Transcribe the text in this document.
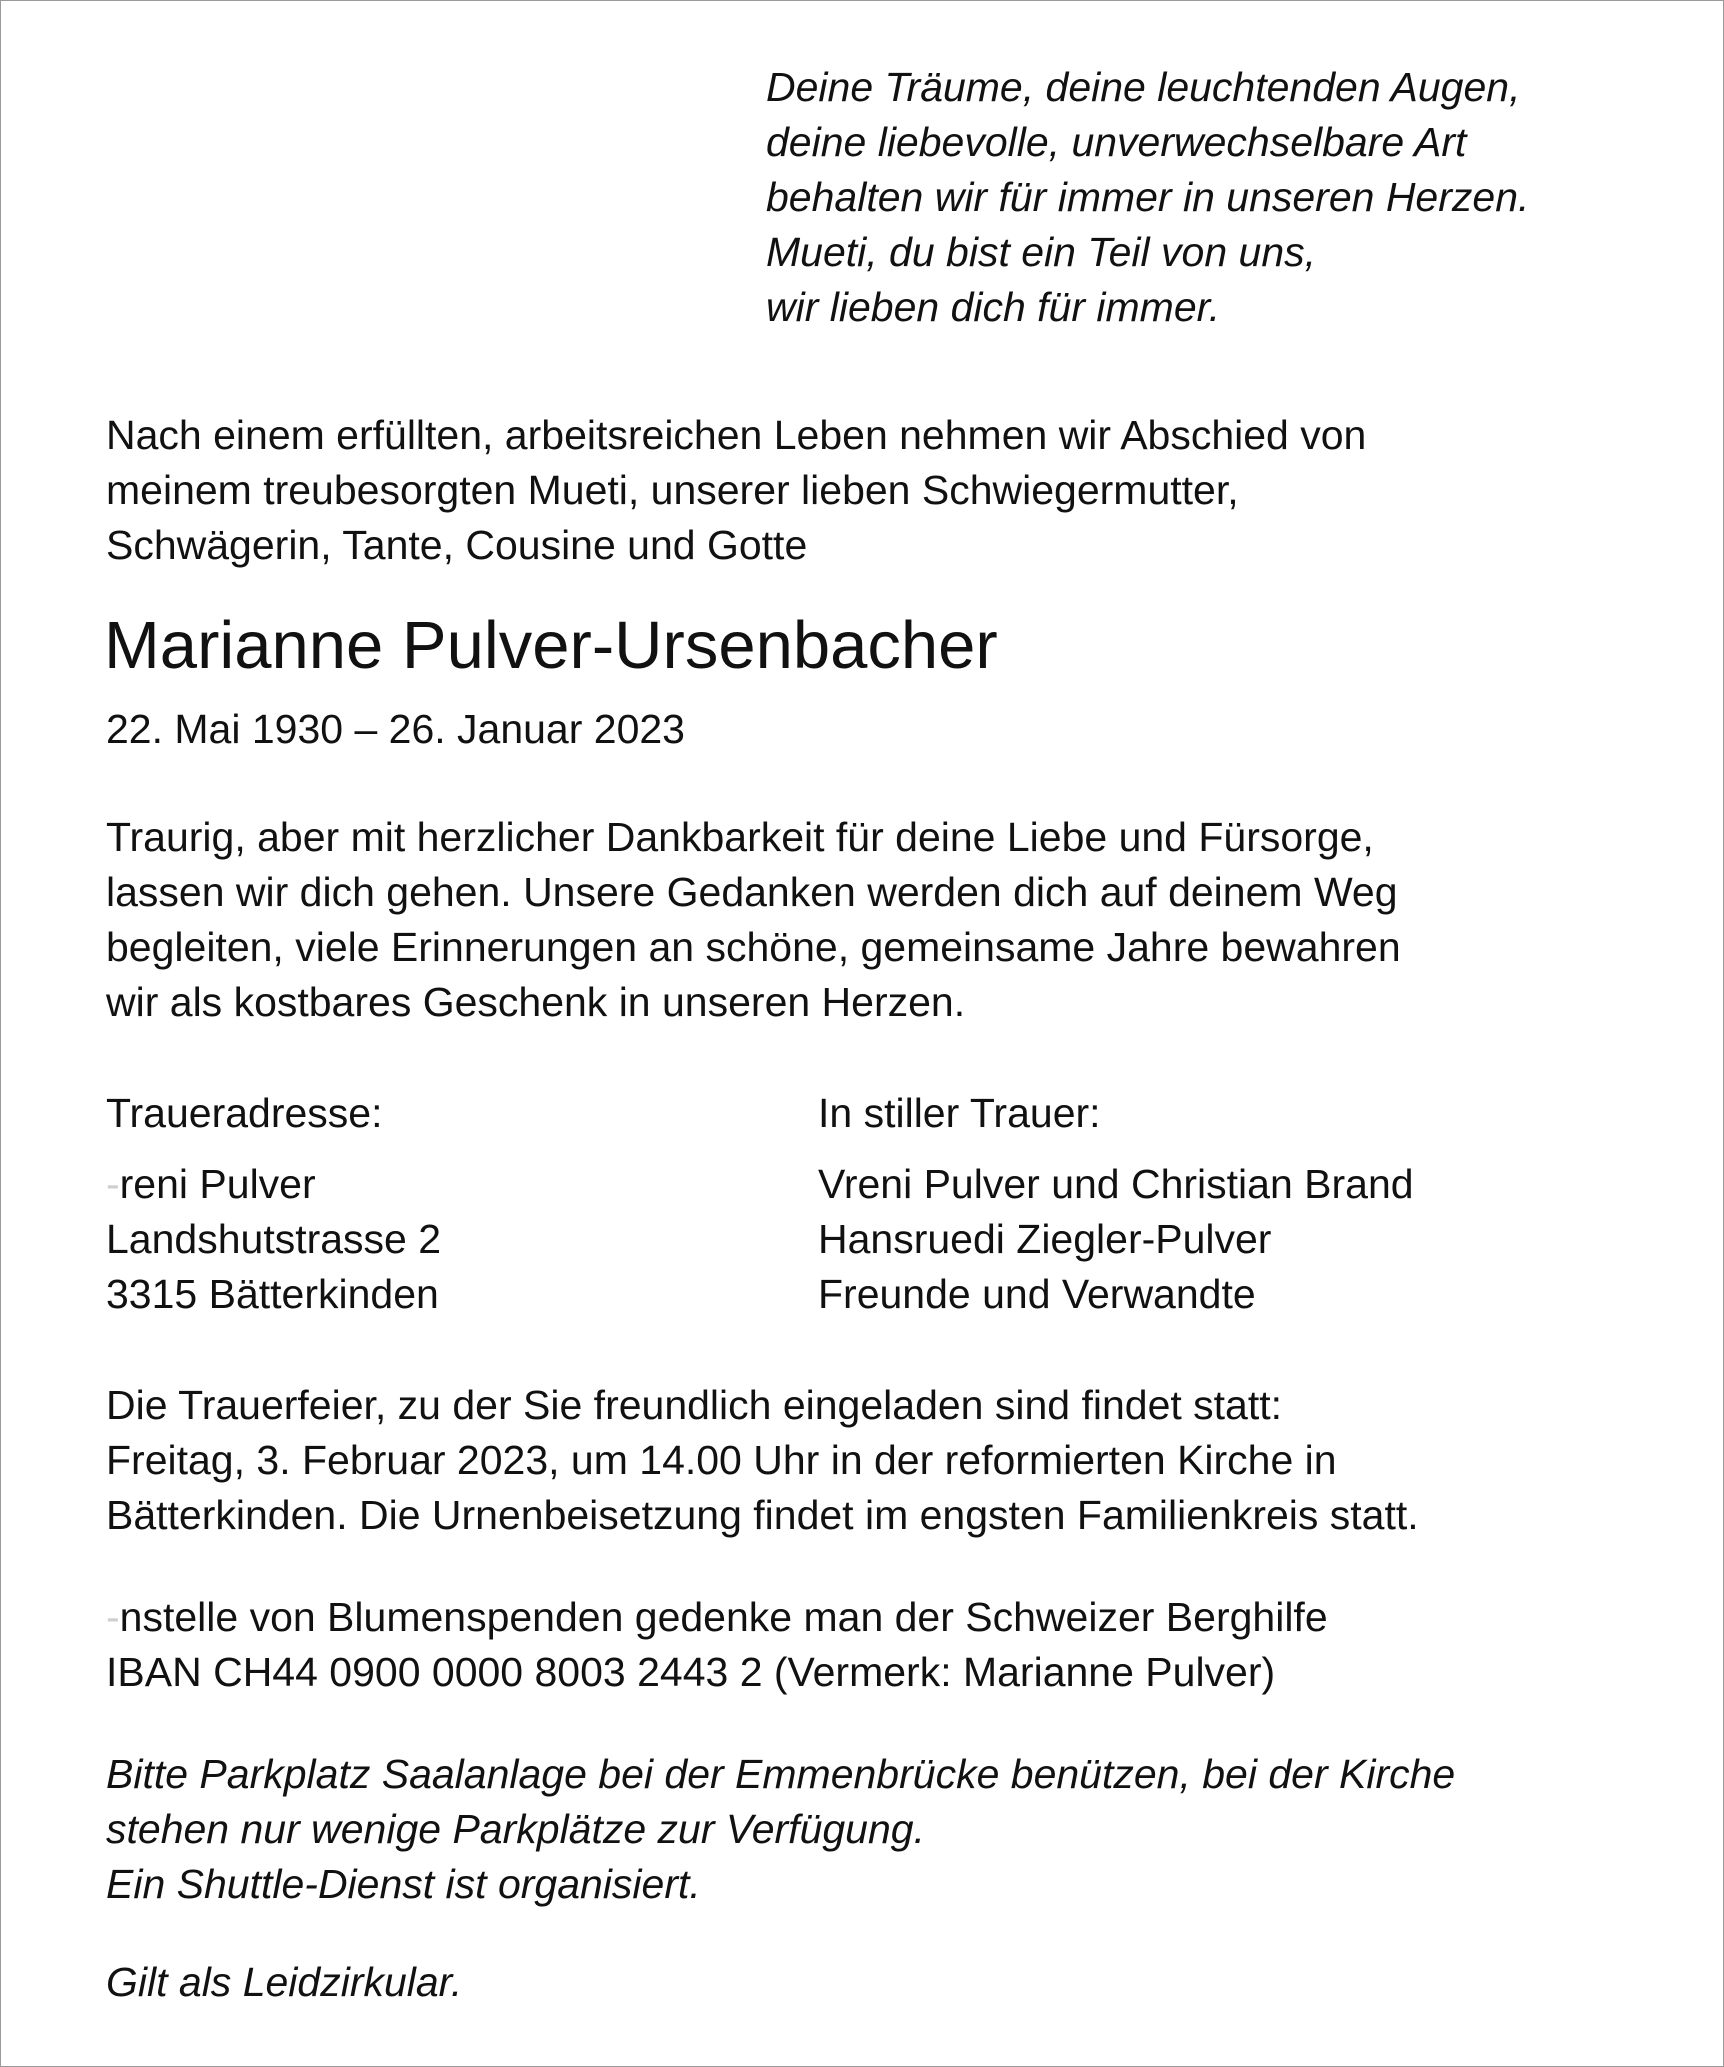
Deine Träume, deine leuchtenden Augen,
deine liebevolle, unverwechselbare Art
behalten wir für immer in unseren Herzen.
Mueti, du bist ein Teil von uns,
wir lieben dich für immer.
Nach einem erfüllten, arbeitsreichen Leben nehmen wir Abschied von
meinem treubesorgten Mueti, unserer lieben Schwiegermutter,
Schwägerin, Tante, Cousine und Gotte
Marianne Pulver-Ursenbacher
22. Mai 1930 – 26. Januar 2023
Traurig, aber mit herzlicher Dankbarkeit für deine Liebe und Fürsorge,
lassen wir dich gehen. Unsere Gedanken werden dich auf deinem Weg
begleiten, viele Erinnerungen an schöne, gemeinsame Jahre bewahren
wir als kostbares Geschenk in unseren Herzen.
Traueradresse:
-reni Pulver
Landshutstrasse 2
3315 Bätterkinden
In stiller Trauer:
Vreni Pulver und Christian Brand
Hansruedi Ziegler-Pulver
Freunde und Verwandte
Die Trauerfeier, zu der Sie freundlich eingeladen sind findet statt:
Freitag, 3. Februar 2023, um 14.00 Uhr in der reformierten Kirche in
Bätterkinden. Die Urnenbeisetzung findet im engsten Familienkreis statt.
-nstelle von Blumenspenden gedenke man der Schweizer Berghilfe
IBAN CH44 0900 0000 8003 2443 2 (Vermerk: Marianne Pulver)
Bitte Parkplatz Saalanlage bei der Emmenbrücke benützen, bei der Kirche
stehen nur wenige Parkplätze zur Verfügung.
Ein Shuttle-Dienst ist organisiert.
Gilt als Leidzirkular.
